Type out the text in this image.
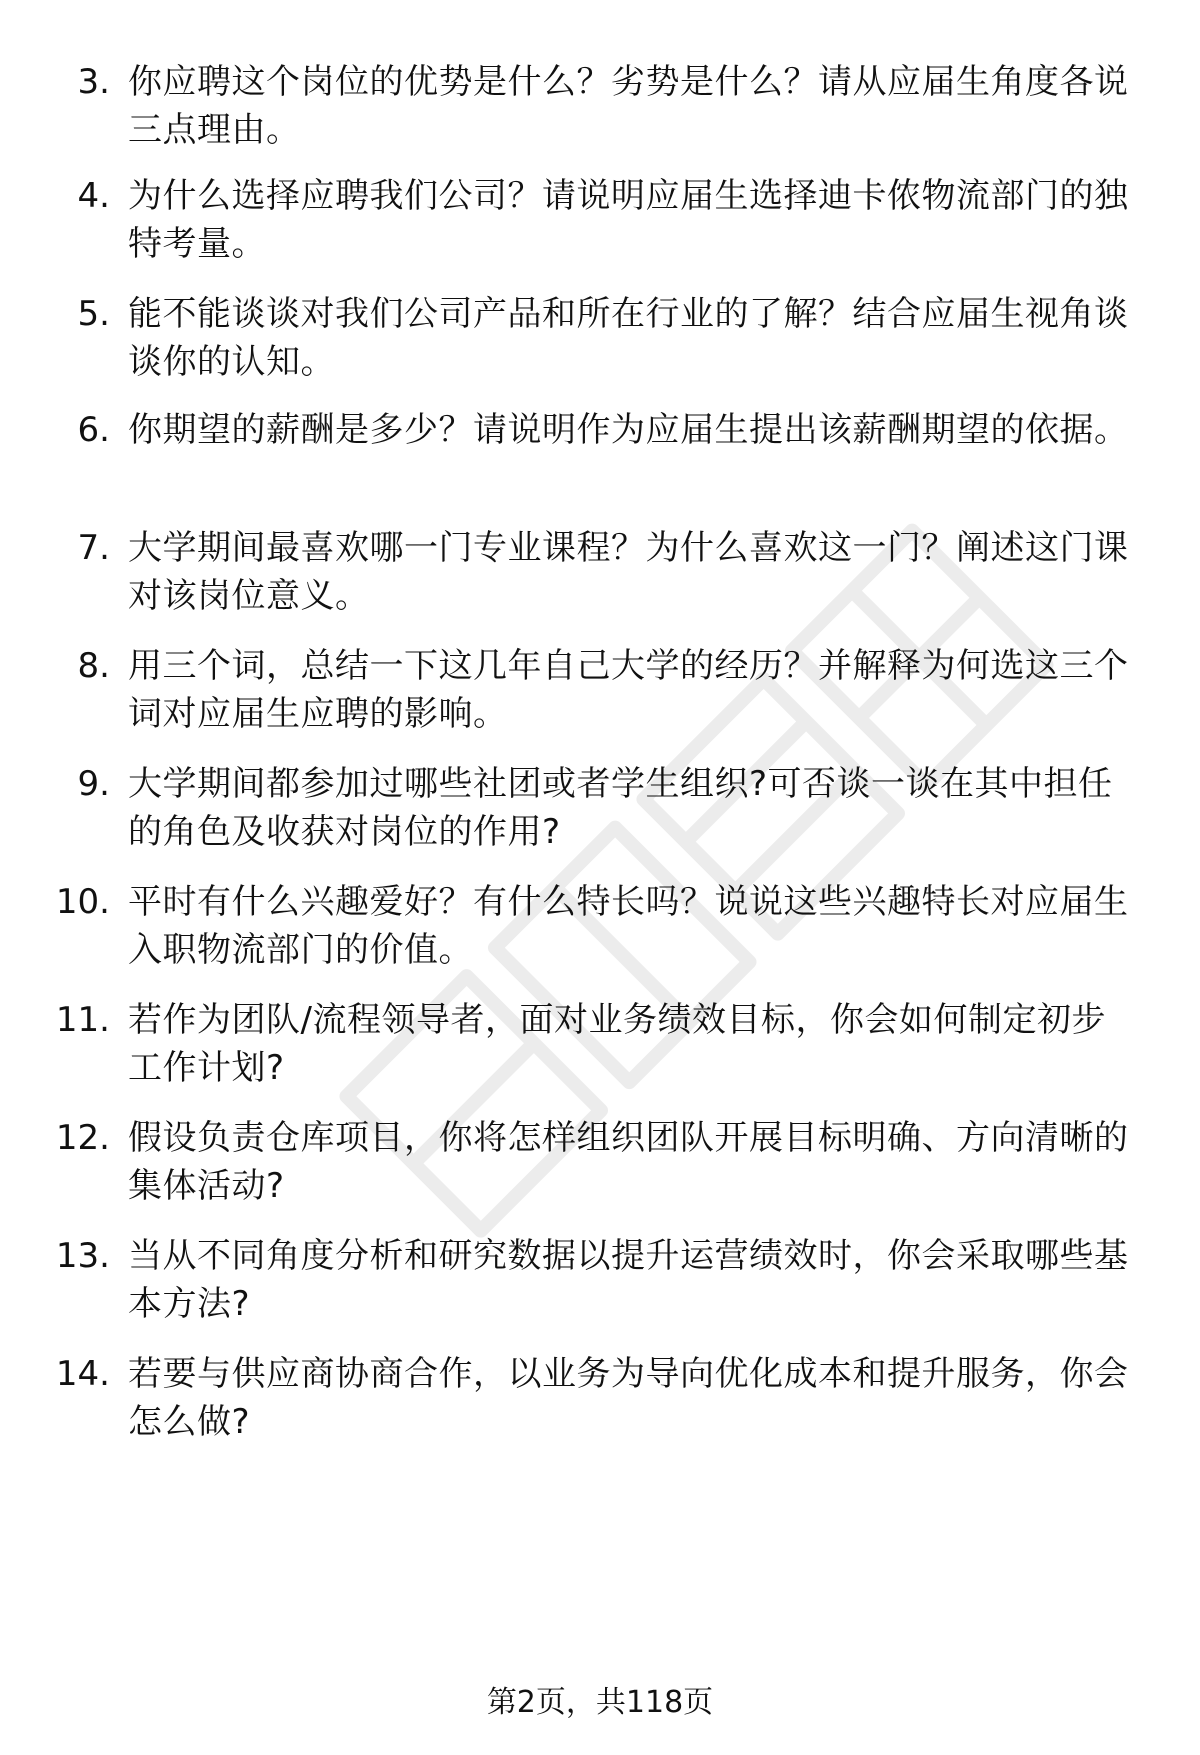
3. 你应聘这个岗位的优势是什么？劣势是什么？请从应届生角度各说三点理由。
4. 为什么选择应聘我们公司？请说明应届生选择迪卡侬物流部门的独特考量。
5. 能不能谈谈对我们公司产品和所在行业的了解？结合应届生视角谈谈你的认知。
6. 你期望的薪酬是多少？请说明作为应届生提出该薪酬期望的依据。
7. 大学期间最喜欢哪一门专业课程？为什么喜欢这一门？阐述这门课对该岗位意义。
8. 用三个词，总结一下这几年自己大学的经历？并解释为何选这三个词对应届生应聘的影响。
9. 大学期间都参加过哪些社团或者学生组织?可否谈一谈在其中担任的角色及收获对岗位的作用?
10. 平时有什么兴趣爱好？有什么特长吗？说说这些兴趣特长对应届生入职物流部门的价值。
11. 若作为团队/流程领导者，面对业务绩效目标，你会如何制定初步工作计划?
12. 假设负责仓库项目，你将怎样组织团队开展目标明确、方向清晰的集体活动?
13. 当从不同角度分析和研究数据以提升运营绩效时，你会采取哪些基本方法?
14. 若要与供应商协商合作，以业务为导向优化成本和提升服务，你会怎么做?
第2页，共118页
